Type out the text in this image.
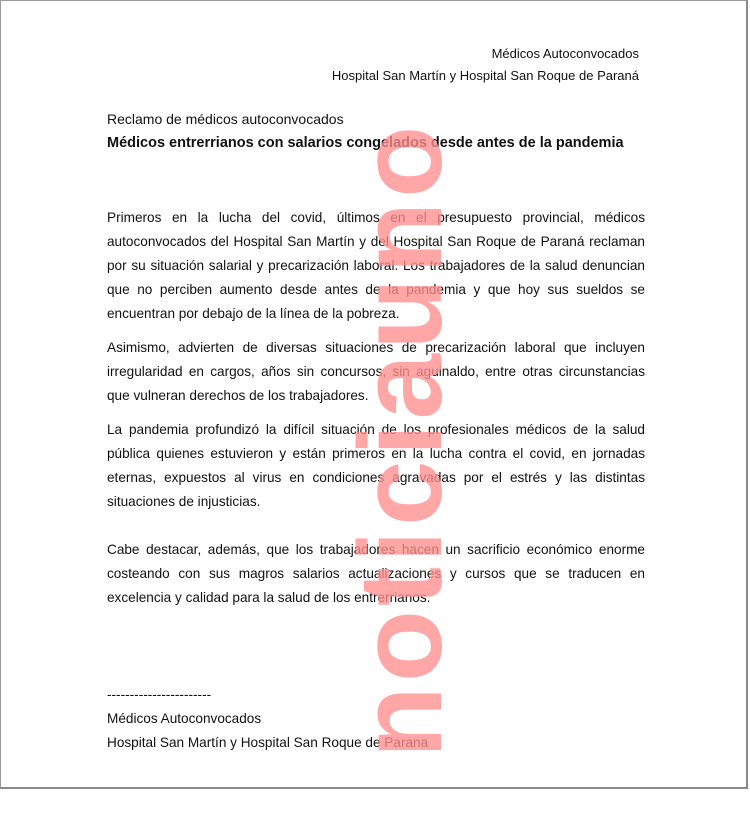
Médicos Autoconvocados
Hospital San Martín y Hospital San Roque de Paraná
Reclamo de médicos autoconvocados
Médicos entrerrianos con salarios congelados desde antes de la pandemia

Primeros en la lucha del covid, últimos en el presupuesto provincial, médicos autoconvocados del Hospital San Martín y del Hospital San Roque de Paraná reclaman por su situación salarial y precarización laboral. Los trabajadores de la salud denuncian que no perciben aumento desde antes de la pandemia y que hoy sus sueldos se encuentran por debajo de la línea de la pobreza.

Asimismo, advierten de diversas situaciones de precarización laboral que incluyen irregularidad en cargos, años sin concursos, sin aguinaldo, entre otras circunstancias que vulneran derechos de los trabajadores.

La pandemia profundizó la difícil situación de los profesionales médicos de la salud pública quienes estuvieron y están primeros en la lucha contra el covid, en jornadas eternas, expuestos al virus en condiciones agravadas por el estrés y las distintas situaciones de injusticias.

Cabe destacar, además, que los trabajadores hacen un sacrificio económico enorme costeando con sus magros salarios actualizaciones y cursos que se traducen en excelencia y calidad para la salud de los entrerrianos.

-----------------------
Médicos Autoconvocados
Hospital San Martín y Hospital San Roque de Parana
noticiauno
